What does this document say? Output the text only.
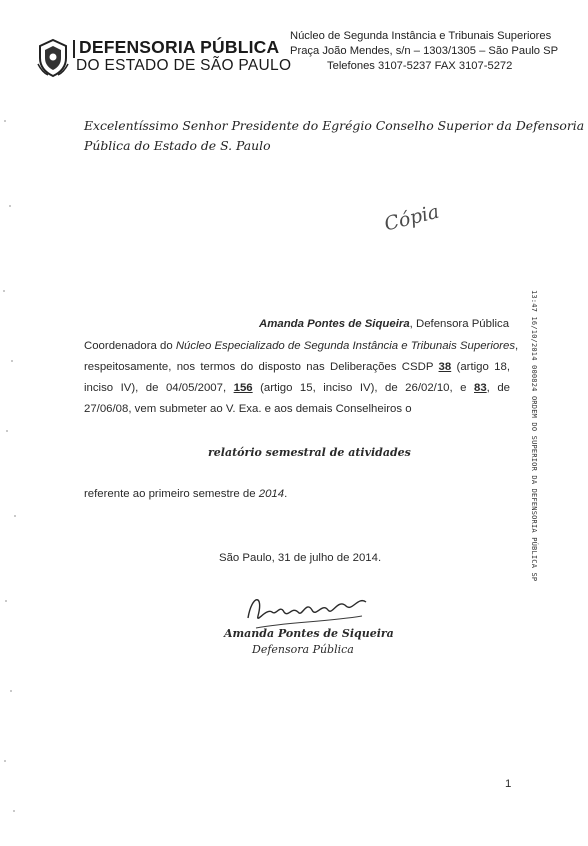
DEFENSORIA PÚBLICA
DO ESTADO DE SÃO PAULO
Núcleo de Segunda Instância e Tribunais Superiores
Praça João Mendes, s/n – 1303/1305 – São Paulo SP
Telefones 3107-5237 FAX 3107-5272
Excelentíssimo Senhor Presidente do Egrégio Conselho Superior da Defensoria
Pública do Estado de S. Paulo
Cópia
Amanda Pontes de Siqueira, Defensora Pública
Coordenadora do Núcleo Especializado de Segunda Instância e Tribunais Superiores,
respeitosamente, nos termos do disposto nas Deliberações CSDP 38 (artigo 18,
inciso IV), de 04/05/2007, 156 (artigo 15, inciso IV), de 26/02/10, e 83, de
27/06/08, vem submeter ao V. Exa. e aos demais Conselheiros o
relatório semestral de atividades
referente ao primeiro semestre de 2014.
São Paulo, 31 de julho de 2014.
Amanda Pontes de Siqueira
Defensora Pública
13:47 16/10/2014 000824 ORDEM DO SUPERIOR DA DEFENSORIA PÚBLICA SP
1
